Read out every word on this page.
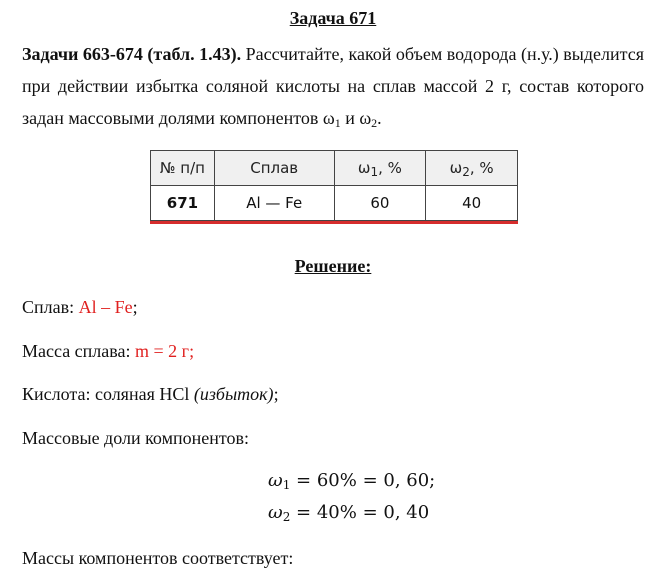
Задача 671
Задачи 663-674 (табл. 1.43). Рассчитайте, какой объем водорода (н.у.) выделится при действии избытка соляной кислоты на сплав массой 2 г, состав которого задан массовыми долями компонентов $\omega_1$ и $\omega_2$.
№ п/п	Сплав	$\omega_1$, %	$\omega_2$, %
671	Al — Fe	60	40
Решение:
Сплав: Al – Fe;
Масса сплава: m = 2 г;
Кислота: соляная HCl (избыток);
Массовые доли компонентов:
$\omega_1 = 60\% = 0$, 60;
$\omega_2 = 40\% = 0$, 40
Массы компонентов соответствует:
